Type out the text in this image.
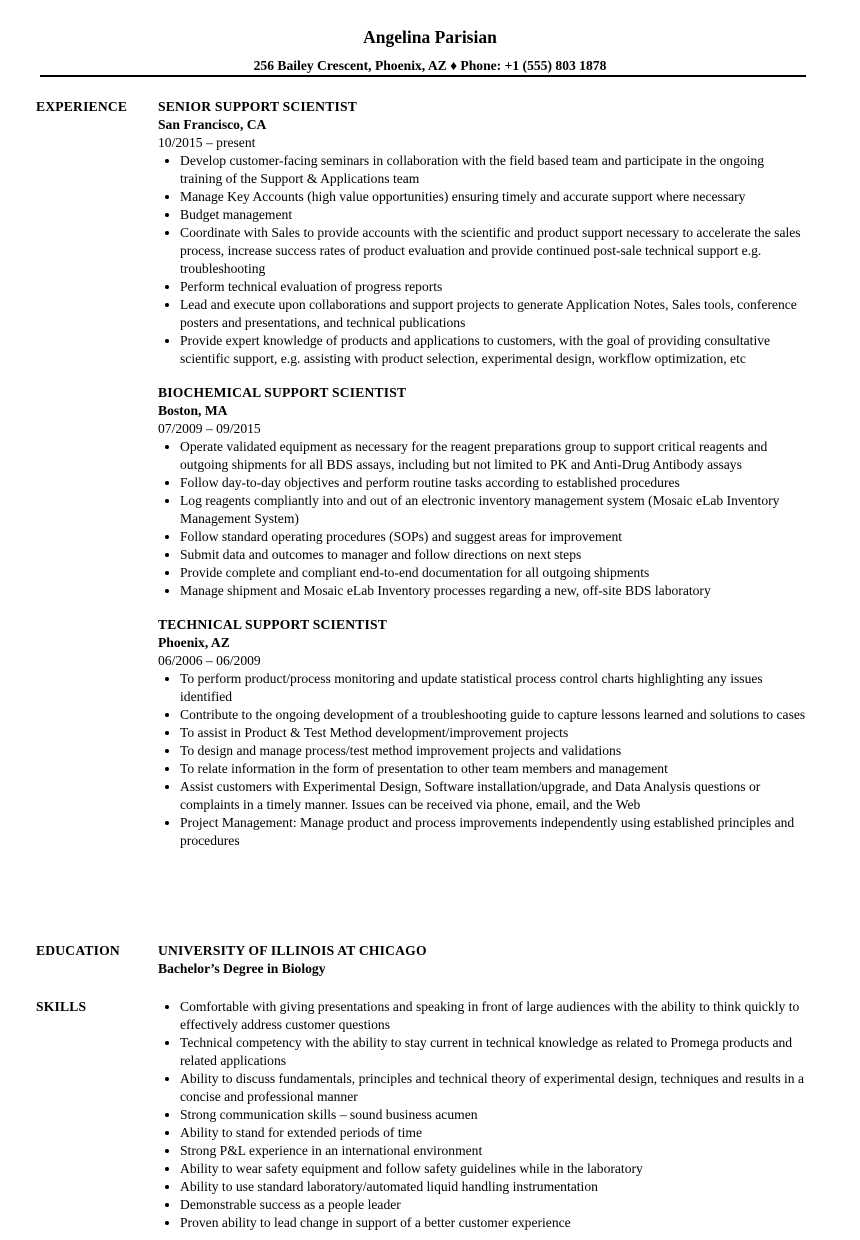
Angelina Parisian
256 Bailey Crescent, Phoenix, AZ ♦ Phone: +1 (555) 803 1878
EXPERIENCE SENIOR SUPPORT SCIENTIST
San Francisco, CA
10/2015 – present
Develop customer-facing seminars in collaboration with the field based team and participate in the ongoing training of the Support & Applications team
Manage Key Accounts (high value opportunities) ensuring timely and accurate support where necessary
Budget management
Coordinate with Sales to provide accounts with the scientific and product support necessary to accelerate the sales process, increase success rates of product evaluation and provide continued post-sale technical support e.g. troubleshooting
Perform technical evaluation of progress reports
Lead and execute upon collaborations and support projects to generate Application Notes, Sales tools, conference posters and presentations, and technical publications
Provide expert knowledge of products and applications to customers, with the goal of providing consultative scientific support, e.g. assisting with product selection, experimental design, workflow optimization, etc
BIOCHEMICAL SUPPORT SCIENTIST
Boston, MA
07/2009 – 09/2015
Operate validated equipment as necessary for the reagent preparations group to support critical reagents and outgoing shipments for all BDS assays, including but not limited to PK and Anti-Drug Antibody assays
Follow day-to-day objectives and perform routine tasks according to established procedures
Log reagents compliantly into and out of an electronic inventory management system (Mosaic eLab Inventory Management System)
Follow standard operating procedures (SOPs) and suggest areas for improvement
Submit data and outcomes to manager and follow directions on next steps
Provide complete and compliant end-to-end documentation for all outgoing shipments
Manage shipment and Mosaic eLab Inventory processes regarding a new, off-site BDS laboratory
TECHNICAL SUPPORT SCIENTIST
Phoenix, AZ
06/2006 – 06/2009
To perform product/process monitoring and update statistical process control charts highlighting any issues identified
Contribute to the ongoing development of a troubleshooting guide to capture lessons learned and solutions to cases
To assist in Product & Test Method development/improvement projects
To design and manage process/test method improvement projects and validations
To relate information in the form of presentation to other team members and management
Assist customers with Experimental Design, Software installation/upgrade, and Data Analysis questions or complaints in a timely manner. Issues can be received via phone, email, and the Web
Project Management: Manage product and process improvements independently using established principles and procedures
EDUCATION	UNIVERSITY OF ILLINOIS AT CHICAGO
Bachelor’s Degree in Biology
SKILLS	Comfortable with giving presentations and speaking in front of large audiences with the ability to think quickly to effectively address customer questions
Technical competency with the ability to stay current in technical knowledge as related to Promega products and related applications
Ability to discuss fundamentals, principles and technical theory of experimental design, techniques and results in a concise and professional manner
Strong communication skills – sound business acumen
Ability to stand for extended periods of time
Strong P&L experience in an international environment
Ability to wear safety equipment and follow safety guidelines while in the laboratory
Ability to use standard laboratory/automated liquid handling instrumentation
Demonstrable success as a people leader
Proven ability to lead change in support of a better customer experience
